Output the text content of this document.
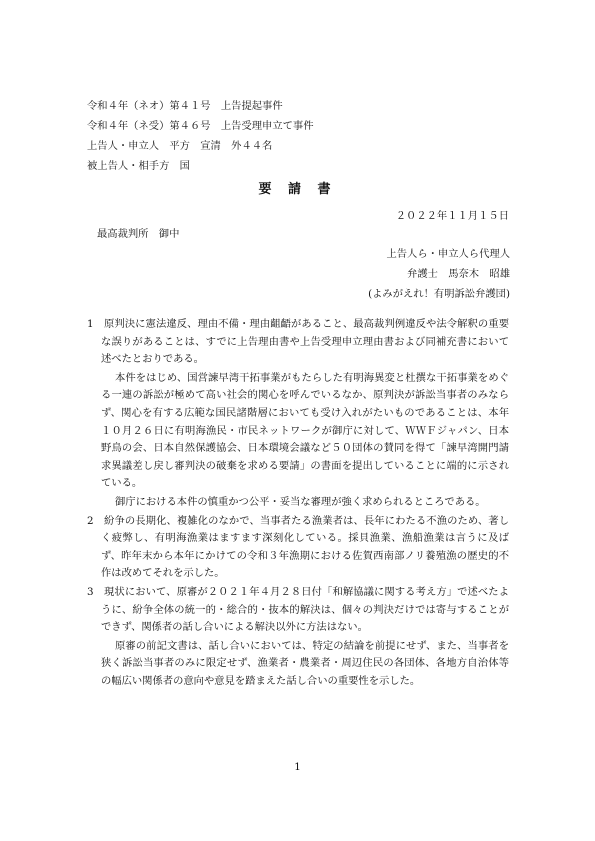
令和４年（ネオ）第４１号　上告提起事件

令和４年（ネ受）第４６号　上告受理申立て事件

上告人・申立人　平方　宣清　外４４名

被上告人・相手方　国

要 請 書

２０２２年１１月１５日

最高裁判所　御中

上告人ら・申立人ら代理人

弁護士　馬奈木　昭雄

(よみがえれ！有明訴訟弁護団)

1　原判決に憲法違反、理由不備・理由齟齬があること、最高裁判例違反や法令解釈の重要な誤りがあることは、すでに上告理由書や上告受理申立理由書および同補充書において述べたとおりである。

本件をはじめ、国営諫早湾干拓事業がもたらした有明海異変と杜撰な干拓事業をめぐる一連の訴訟が極めて高い社会的関心を呼んでいるなか、原判決が訴訟当事者のみならず、関心を有する広範な国民諸階層においても受け入れがたいものであることは、本年１０月２６日に有明海漁民・市民ネットワークが御庁に対して、ＷＷＦジャパン、日本野鳥の会、日本自然保護協会、日本環境会議など５０団体の賛同を得て「諫早湾開門請求異議差し戻し審判決の破棄を求める要請」の書面を提出していることに端的に示されている。

御庁における本件の慎重かつ公平・妥当な審理が強く求められるところである。

2　紛争の長期化、複雑化のなかで、当事者たる漁業者は、長年にわたる不漁のため、著しく疲弊し、有明海漁業はますます深刻化している。採貝漁業、漁船漁業は言うに及ばず、昨年末から本年にかけての令和３年漁期における佐賀西南部ノリ養殖漁の歴史的不作は改めてそれを示した。

3　現状において、原審が２０２１年４月２８日付「和解協議に関する考え方」で述べたように、紛争全体の統一的・総合的・抜本的解決は、個々の判決だけでは寄与することができず、関係者の話し合いによる解決以外に方法はない。

原審の前記文書は、話し合いにおいては、特定の結論を前提にせず、また、当事者を狭く訴訟当事者のみに限定せず、漁業者・農業者・周辺住民の各団体、各地方自治体等の幅広い関係者の意向や意見を踏まえた話し合いの重要性を示した。

1
